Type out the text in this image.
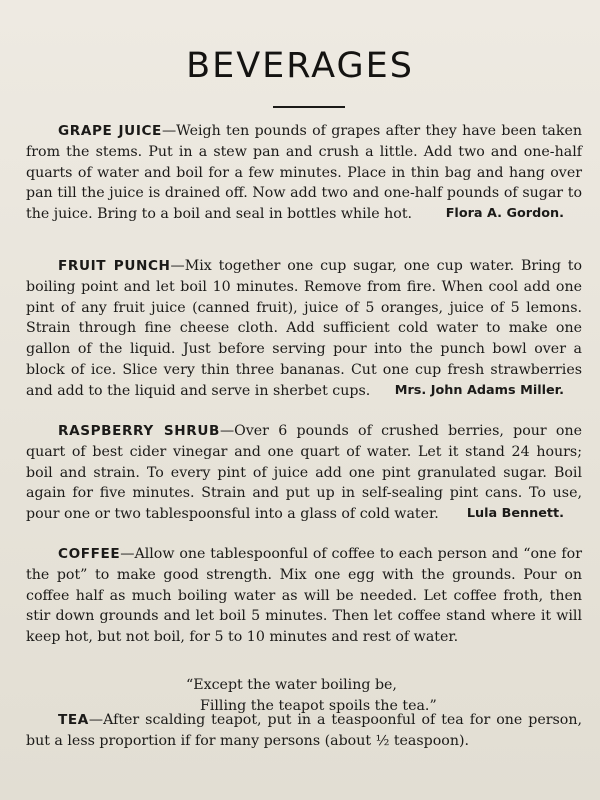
BEVERAGES
GRAPE JUICE—Weigh ten pounds of grapes after they have been taken from the stems. Put in a stew pan and crush a little. Add two and one-half quarts of water and boil for a few minutes. Place in thin bag and hang over pan till the juice is drained off. Now add two and one-half pounds of sugar to the juice. Bring to a boil and seal in bottles while hot.	Flora A. Gordon.
FRUIT PUNCH—Mix together one cup sugar, one cup water. Bring to boiling point and let boil 10 minutes. Remove from fire. When cool add one pint of any fruit juice (canned fruit), juice of 5 oranges, juice of 5 lemons. Strain through fine cheese cloth. Add sufficient cold water to make one gallon of the liquid. Just before serving pour into the punch bowl over a block of ice. Slice very thin three bananas. Cut one cup fresh strawberries and add to the liquid and serve in sherbet cups. Mrs. John Adams Miller.
RASPBERRY SHRUB—Over 6 pounds of crushed berries, pour one quart of best cider vinegar and one quart of water. Let it stand 24 hours; boil and strain. To every pint of juice add one pint granulated sugar. Boil again for five minutes. Strain and put up in self-sealing pint cans. To use, pour one or two tablespoonsful into a glass of cold water. Lula Bennett.
COFFEE—Allow one tablespoonful of coffee to each person and “one for the pot” to make good strength. Mix one egg with the grounds. Pour on coffee half as much boiling water as will be needed. Let coffee froth, then stir down grounds and let boil 5 minutes. Then let coffee stand where it will keep hot, but not boil, for 5 to 10 minutes and rest of water.
“Except the water boiling be,
Filling the teapot spoils the tea.”
TEA—After scalding teapot, put in a teaspoonful of tea for one person, but a less proportion if for many persons (about ½ teaspoon).
